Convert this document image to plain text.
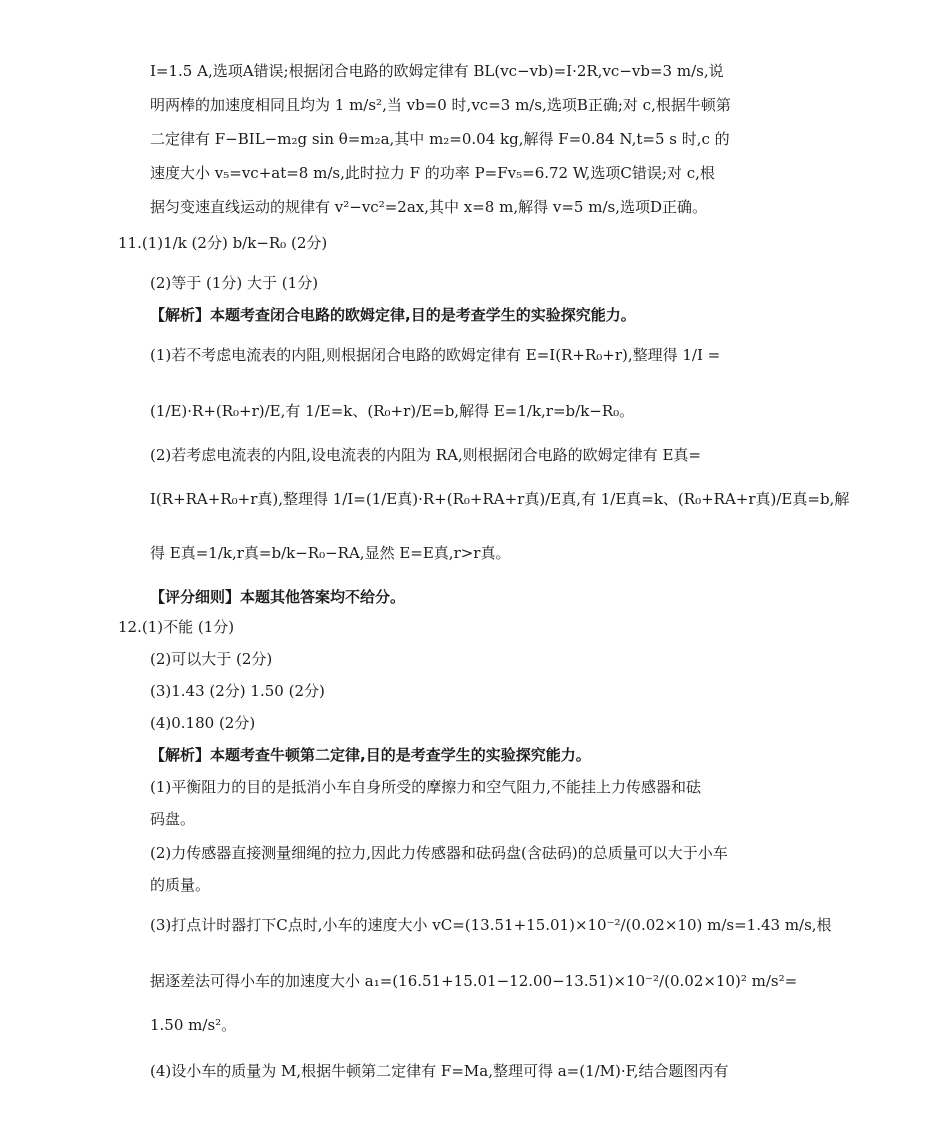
I=1.5 A,选项A错误;根据闭合电路的欧姆定律有 BL(vc−vb)=I·2R,vc−vb=3 m/s,说
明两棒的加速度相同且均为 1 m/s²,当 vb=0 时,vc=3 m/s,选项B正确;对 c,根据牛顿第
二定律有 F−BIL−m₂g sin θ=m₂a,其中 m₂=0.04 kg,解得 F=0.84 N,t=5 s 时,c 的
速度大小 v₅=vc+at=8 m/s,此时拉力 F 的功率 P=Fv₅=6.72 W,选项C错误;对 c,根
据匀变速直线运动的规律有 v²−vc²=2ax,其中 x=8 m,解得 v=5 m/s,选项D正确。
11.(1)1/k (2分) b/k−R₀ (2分)
(2)等于 (1分) 大于 (1分)
【解析】本题考查闭合电路的欧姆定律,目的是考查学生的实验探究能力。
(1)若不考虑电流表的内阻,则根据闭合电路的欧姆定律有 E=I(R+R₀+r),整理得 1/I =
(1/E)·R+(R₀+r)/E,有 1/E=k、(R₀+r)/E=b,解得 E=1/k,r=b/k−R₀。
(2)若考虑电流表的内阻,设电流表的内阻为 RA,则根据闭合电路的欧姆定律有 E真=
I(R+RA+R₀+r真),整理得 1/I=(1/E真)·R+(R₀+RA+r真)/E真,有 1/E真=k、(R₀+RA+r真)/E真=b,解
得 E真=1/k,r真=b/k−R₀−RA,显然 E=E真,r>r真。
【评分细则】本题其他答案均不给分。
12.(1)不能 (1分)
(2)可以大于 (2分)
(3)1.43 (2分) 1.50 (2分)
(4)0.180 (2分)
【解析】本题考查牛顿第二定律,目的是考查学生的实验探究能力。
(1)平衡阻力的目的是抵消小车自身所受的摩擦力和空气阻力,不能挂上力传感器和砝
码盘。
(2)力传感器直接测量细绳的拉力,因此力传感器和砝码盘(含砝码)的总质量可以大于小车
的质量。
(3)打点计时器打下C点时,小车的速度大小 vC=(13.51+15.01)×10⁻²/(0.02×10) m/s=1.43 m/s,根
据逐差法可得小车的加速度大小 a₁=(16.51+15.01−12.00−13.51)×10⁻²/(0.02×10)² m/s²=
1.50 m/s²。
(4)设小车的质量为 M,根据牛顿第二定律有 F=Ma,整理可得 a=(1/M)·F,结合题图丙有
